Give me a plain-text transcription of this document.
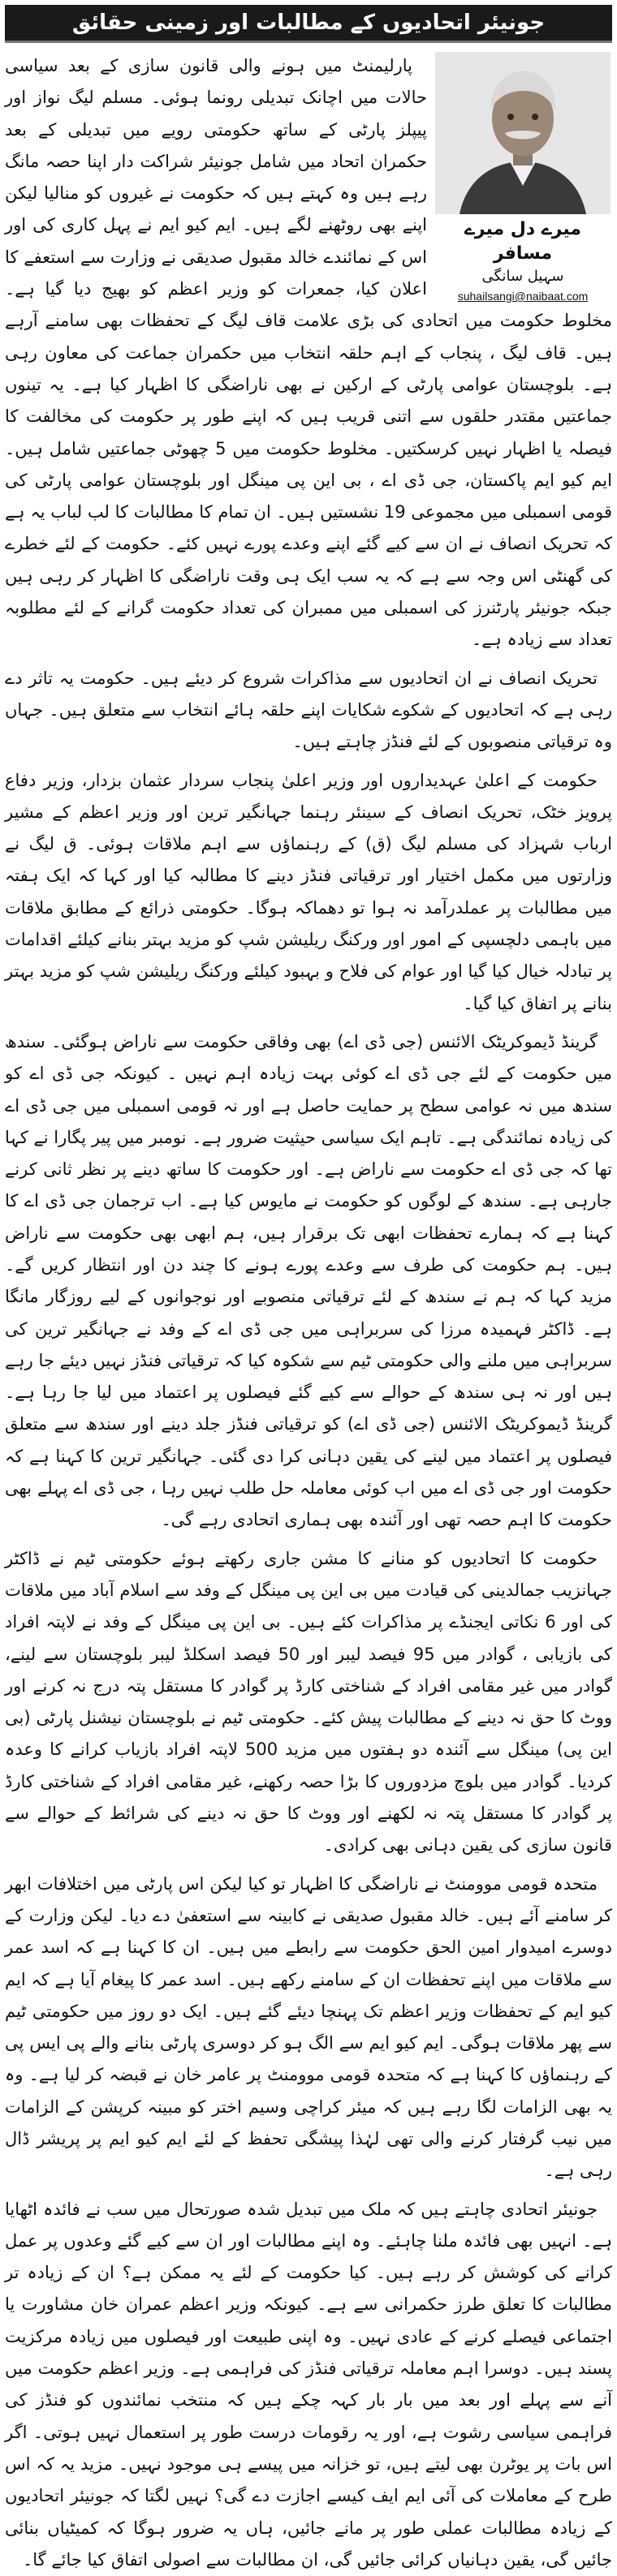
جونیئر اتحادیوں کے مطالبات اور زمینی حقائق
میرے دل میرے مسافر
سہیل سانگی
suhailsangi@naibaat.com

پارلیمنٹ میں ہونے والی قانون سازی کے بعد سیاسی حالات میں اچانک تبدیلی رونما ہوئی۔ مسلم لیگ نواز اور پیپلز پارٹی کے ساتھ حکومتی رویے میں تبدیلی کے بعد حکمران اتحاد میں شامل جونیئر شراکت دار اپنا حصہ مانگ رہے ہیں وہ کہتے ہیں کہ حکومت نے غیروں کو منالیا لیکن اپنے بھی روٹھنے لگے ہیں۔ ایم کیو ایم نے پہل کاری کی اور اس کے نمائندے خالد مقبول صدیقی نے وزارت سے استعفے کا اعلان کیا، جمعرات کو وزیر اعظم کو بھیج دیا گیا ہے۔ مخلوط حکومت میں اتحادی کی بڑی علامت قاف لیگ کے تحفظات بھی سامنے آرہے ہیں۔ قاف لیگ ، پنجاب کے اہم حلقہ انتخاب میں حکمران جماعت کی معاون رہی ہے۔ بلوچستان عوامی پارٹی کے ارکین نے بھی ناراضگی کا اظہار کیا ہے۔ یہ تینوں جماعتیں مقتدر حلقوں سے اتنی قریب ہیں کہ اپنے طور پر حکومت کی مخالفت کا فیصلہ یا اظہار نہیں کرسکتیں۔ مخلوط حکومت میں 5 چھوٹی جماعتیں شامل ہیں۔ ایم کیو ایم پاکستان، جی ڈی اے ، بی این پی مینگل اور بلوچستان عوامی پارٹی کی قومی اسمبلی میں مجموعی 19 نشستیں ہیں۔ ان تمام کا مطالبات کا لب لباب یہ ہے کہ تحریک انصاف نے ان سے کیے گئے اپنے وعدے پورے نہیں کئے۔ حکومت کے لئے خطرے کی گھنٹی اس وجہ سے ہے کہ یہ سب ایک ہی وقت ناراضگی کا اظہار کر رہی ہیں جبکہ جونیئر پارٹنرز کی اسمبلی میں ممبران کی تعداد حکومت گرانے کے لئے مطلوبہ تعداد سے زیادہ ہے۔

تحریک انصاف نے ان اتحادیوں سے مذاکرات شروع کر دیئے ہیں۔ حکومت یہ تاثر دے رہی ہے کہ اتحادیوں کے شکوے شکایات اپنے حلقہ ہائے انتخاب سے متعلق ہیں۔ جہاں وہ ترقیاتی منصوبوں کے لئے فنڈز چاہتے ہیں۔

حکومت کے اعلیٰ عہدیداروں اور وزیر اعلیٰ پنجاب سردار عثمان بزدار، وزیر دفاع پرویز خٹک، تحریک انصاف کے سینئر رہنما جہانگیر ترین اور وزیر اعظم کے مشیر ارباب شہزاد کی مسلم لیگ (ق) کے رہنماؤں سے اہم ملاقات ہوئی۔ ق لیگ نے وزارتوں میں مکمل اختیار اور ترقیاتی فنڈز دینے کا مطالبہ کیا اور کہا کہ ایک ہفتہ میں مطالبات پر عملدرآمد نہ ہوا تو دھماکہ ہوگا۔ حکومتی ذرائع کے مطابق ملاقات میں باہمی دلچسپی کے امور اور ورکنگ ریلیشن شپ کو مزید بہتر بنانے کیلئے اقدامات پر تبادلہ خیال کیا گیا اور عوام کی فلاح و بہبود کیلئے ورکنگ ریلیشن شپ کو مزید بہتر بنانے پر اتفاق کیا گیا۔

گرینڈ ڈیموکریٹک الائنس (جی ڈی اے) بھی وفاقی حکومت سے ناراض ہوگئی۔ سندھ میں حکومت کے لئے جی ڈی اے کوئی بہت زیادہ اہم نہیں ۔ کیونکہ جی ڈی اے کو سندھ میں نہ عوامی سطح پر حمایت حاصل ہے اور نہ قومی اسمبلی میں جی ڈی اے کی زیادہ نمائندگی ہے۔ تاہم ایک سیاسی حیثیت ضرور ہے۔ نومبر میں پیر پگارا نے کہا تھا کہ جی ڈی اے حکومت سے ناراض ہے۔ اور حکومت کا ساتھ دینے پر نظر ثانی کرنے جارہی ہے۔ سندھ کے لوگوں کو حکومت نے مایوس کیا ہے۔ اب ترجمان جی ڈی اے کا کہنا ہے کہ ہمارے تحفظات ابھی تک برقرار ہیں، ہم ابھی بھی حکومت سے ناراض ہیں۔ ہم حکومت کی طرف سے وعدے پورے ہونے کا چند دن اور انتظار کریں گے۔ مزید کہا کہ ہم نے سندھ کے لئے ترقیاتی منصوبے اور نوجوانوں کے لیے روزگار مانگا ہے۔ ڈاکٹر فہمیدہ مرزا کی سربراہی میں جی ڈی اے کے وفد نے جہانگیر ترین کی سربراہی میں ملنے والی حکومتی ٹیم سے شکوہ کیا کہ ترقیاتی فنڈز نہیں دیئے جا رہے ہیں اور نہ ہی سندھ کے حوالے سے کیے گئے فیصلوں پر اعتماد میں لیا جا رہا ہے۔ گرینڈ ڈیموکریٹک الائنس (جی ڈی اے) کو ترقیاتی فنڈز جلد دینے اور سندھ سے متعلق فیصلوں پر اعتماد میں لینے کی یقین دہانی کرا دی گئی۔ جہانگیر ترین کا کہنا ہے کہ حکومت اور جی ڈی اے میں اب کوئی معاملہ حل طلب نہیں رہا ، جی ڈی اے پہلے بھی حکومت کا اہم حصہ تھی اور آئندہ بھی ہماری اتحادی رہے گی۔

حکومت کا اتحادیوں کو منانے کا مشن جاری رکھتے ہوئے حکومتی ٹیم نے ڈاکٹر جہانزیب جمالدینی کی قیادت میں بی این پی مینگل کے وفد سے اسلام آباد میں ملاقات کی اور 6 نکاتی ایجنڈے پر مذاکرات کئے ہیں۔ بی این پی مینگل کے وفد نے لاپتہ افراد کی بازیابی ، گوادر میں 95 فیصد لیبر اور 50 فیصد اسکلڈ لیبر بلوچستان سے لینے، گوادر میں غیر مقامی افراد کے شناختی کارڈ پر گوادر کا مستقل پتہ درج نہ کرنے اور ووٹ کا حق نہ دینے کے مطالبات پیش کئے۔ حکومتی ٹیم نے بلوچستان نیشنل پارٹی (بی این پی) مینگل سے آئندہ دو ہفتوں میں مزید 500 لاپتہ افراد بازیاب کرانے کا وعدہ کردیا۔ گوادر میں بلوچ مزدوروں کا بڑا حصہ رکھنے، غیر مقامی افراد کے شناختی کارڈ پر گوادر کا مستقل پتہ نہ لکھنے اور ووٹ کا حق نہ دینے کی شرائط کے حوالے سے قانون سازی کی یقین دہانی بھی کرادی۔

متحدہ قومی موومنٹ نے ناراضگی کا اظہار تو کیا لیکن اس پارٹی میں اختلافات ابھر کر سامنے آئے ہیں۔ خالد مقبول صدیقی نے کابینہ سے استعفیٰ دے دیا۔ لیکن وزارت کے دوسرے امیدوار امین الحق حکومت سے رابطے میں ہیں۔ ان کا کہنا ہے کہ اسد عمر سے ملاقات میں اپنے تحفظات ان کے سامنے رکھے ہیں۔ اسد عمر کا پیغام آیا ہے کہ ایم کیو ایم کے تحفظات وزیر اعظم تک پہنچا دیئے گئے ہیں۔ ایک دو روز میں حکومتی ٹیم سے پھر ملاقات ہوگی۔ ایم کیو ایم سے الگ ہو کر دوسری پارٹی بنانے والے پی ایس پی کے رہنماؤں کا کہنا ہے کہ متحدہ قومی موومنٹ پر عامر خان نے قبضہ کر لیا ہے۔ وہ یہ بھی الزامات لگا رہے ہیں کہ میئر کراچی وسیم اختر کو مبینہ کرپشن کے الزامات میں نیب گرفتار کرنے والی تھی لہٰذا پیشگی تحفظ کے لئے ایم کیو ایم پر پریشر ڈال رہی ہے۔

جونیئر اتحادی چاہتے ہیں کہ ملک میں تبدیل شدہ صورتحال میں سب نے فائدہ اٹھایا ہے۔ انہیں بھی فائدہ ملنا چاہئے۔ وہ اپنے مطالبات اور ان سے کیے گئے وعدوں پر عمل کرانے کی کوشش کر رہے ہیں۔ کیا حکومت کے لئے یہ ممکن ہے؟ ان کے زیادہ تر مطالبات کا تعلق طرز حکمرانی سے ہے۔ کیونکہ وزیر اعظم عمران خان مشاورت یا اجتماعی فیصلے کرنے کے عادی نہیں۔ وہ اپنی طبیعت اور فیصلوں میں زیادہ مرکزیت پسند ہیں۔ دوسرا اہم معاملہ ترقیاتی فنڈز کی فراہمی ہے۔ وزیر اعظم حکومت میں آنے سے پہلے اور بعد میں بار بار کہہ چکے ہیں کہ منتخب نمائندوں کو فنڈز کی فراہمی سیاسی رشوت ہے، اور یہ رقومات درست طور پر استعمال نہیں ہوتی۔ اگر اس بات پر یوٹرن بھی لیتے ہیں، تو خزانہ میں پیسے ہی موجود نہیں۔ مزید یہ کہ اس طرح کے معاملات کی آئی ایم ایف کیسے اجازت دے گی؟ نہیں لگتا کہ جونیئر اتحادیوں کے زیادہ مطالبات عملی طور پر مانے جائیں، ہاں یہ ضرور ہوگا کہ کمیٹیاں بنائی جائیں گی، یقین دہانیاں کرائی جائیں گی، ان مطالبات سے اصولی اتفاق کیا جائے گا۔
